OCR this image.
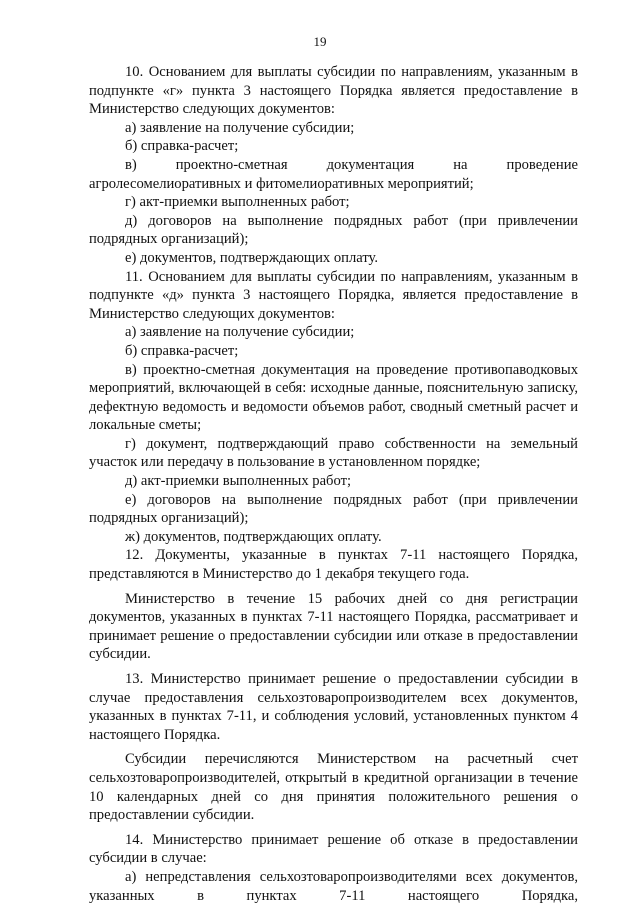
19

10. Основанием для выплаты субсидии по направлениям, указанным в подпункте «г» пункта 3 настоящего Порядка является предоставление в Министерство следующих документов:

а) заявление на получение субсидии;

б) справка-расчет;

в) проектно-сметная документация на проведение агролесомелиоративных и фитомелиоративных мероприятий;

г) акт-приемки выполненных работ;

д) договоров на выполнение подрядных работ (при привлечении подрядных организаций);

е) документов, подтверждающих оплату.

11. Основанием для выплаты субсидии по направлениям, указанным в подпункте «д» пункта 3 настоящего Порядка, является предоставление в Министерство следующих документов:

а) заявление на получение субсидии;

б) справка-расчет;

в) проектно-сметная документация на проведение противопаводковых мероприятий, включающей в себя: исходные данные, пояснительную записку, дефектную ведомость и ведомости объемов работ, сводный сметный расчет и локальные сметы;

г) документ, подтверждающий право собственности на земельный участок или передачу в пользование в установленном порядке;

д) акт-приемки выполненных работ;

е) договоров на выполнение подрядных работ (при привлечении подрядных организаций);

ж) документов, подтверждающих оплату.

12. Документы, указанные в пунктах 7-11 настоящего Порядка, представляются в Министерство до 1 декабря текущего года.

Министерство в течение 15 рабочих дней со дня регистрации документов, указанных в пунктах 7-11 настоящего Порядка, рассматривает и принимает решение о предоставлении субсидии или отказе в предоставлении субсидии.

13. Министерство принимает решение о предоставлении субсидии в случае предоставления сельхозтоваропроизводителем всех документов, указанных в пунктах 7-11, и соблюдения условий, установленных пунктом 4 настоящего Порядка.

Субсидии перечисляются Министерством на расчетный счет сельхозтоваропроизводителей, открытый в кредитной организации в течение 10 календарных дней со дня принятия положительного решения о предоставлении субсидии.

14. Министерство принимает решение об отказе в предоставлении субсидии в случае:

а) непредставления сельхозтоваропроизводителями всех документов, указанных в пунктах 7-11 настоящего Порядка,
